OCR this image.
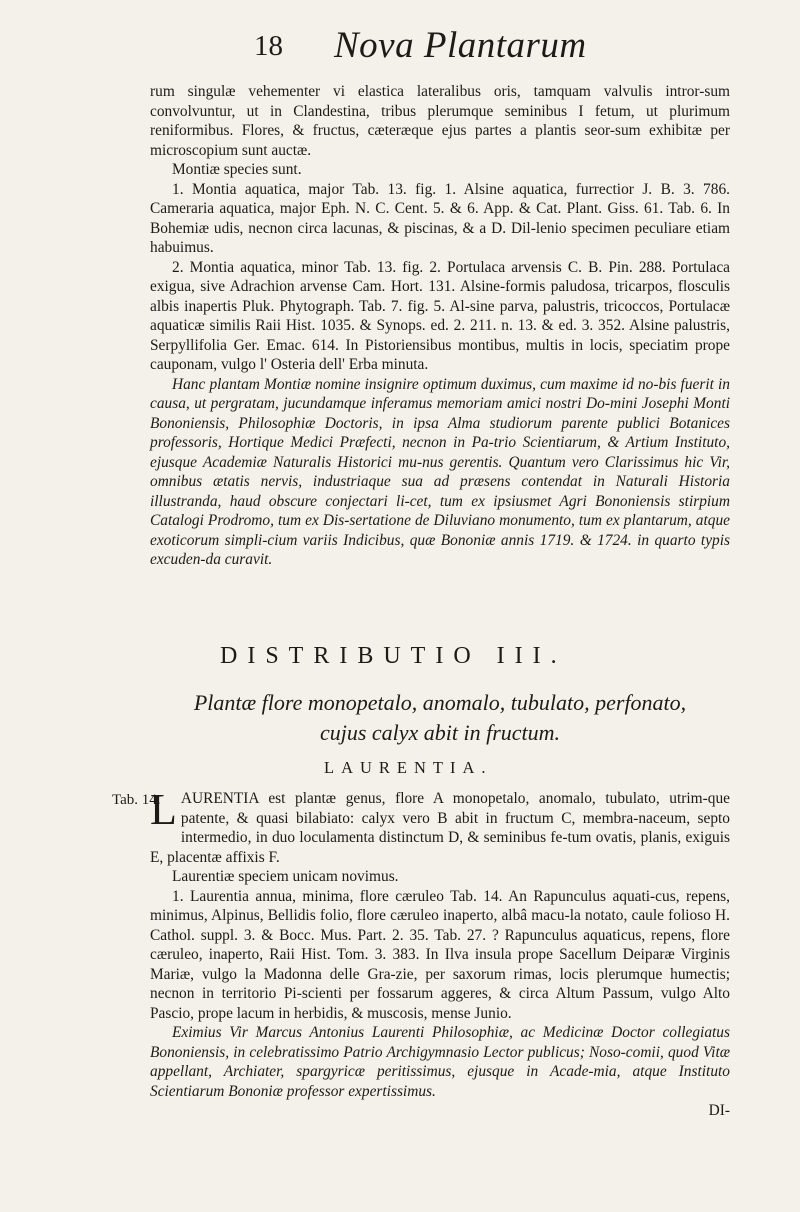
18 Nova Plantarum

rum singulæ vehementer vi elastica lateralibus oris, tamquam valvulis intror-sum convolvuntur, ut in Clandestina, tribus plerumque seminibus I fetum, ut plurimum reniformibus. Flores, & fructus, cæteræque ejus partes a plantis seor-sum exhibitæ per microscopium sunt auctæ.

Montiæ species sunt.

1. Montia aquatica, major Tab. 13. fig. 1. Alsine aquatica, furrectior J. B. 3. 786. Cameraria aquatica, major Eph. N. C. Cent. 5. & 6. App. & Cat. Plant. Giss. 61. Tab. 6. In Bohemiæ udis, necnon circa lacunas, & piscinas, & a D. Dil-lenio specimen peculiare etiam habuimus.

2. Montia aquatica, minor Tab. 13. fig. 2. Portulaca arvensis C. B. Pin. 288. Portulaca exigua, sive Adrachion arvense Cam. Hort. 131. Alsine-formis paludosa, tricarpos, flosculis albis inapertis Pluk. Phytograph. Tab. 7. fig. 5. Al-sine parva, palustris, tricoccos, Portulacæ aquaticæ similis Raii Hist. 1035. & Synops. ed. 2. 211. n. 13. & ed. 3. 352. Alsine palustris, Serpyllifolia Ger. Emac. 614. In Pistoriensibus montibus, multis in locis, speciatim prope cauponam, vulgo l' Osteria dell' Erba minuta.

Hanc plantam Montiæ nomine insignire optimum duximus, cum maxime id no-bis fuerit in causa, ut pergratam, jucundamque inferamus memoriam amici nostri Do-mini Josephi Monti Bononiensis, Philosophiæ Doctoris, in ipsa Alma studiorum parente publici Botanices professoris, Hortique Medici Præfecti, necnon in Pa-trio Scientiarum, & Artium Instituto, ejusque Academiæ Naturalis Historici mu-nus gerentis. Quantum vero Clarissimus hic Vir, omnibus ætatis nervis, industriaque sua ad præsens contendat in Naturali Historia illustranda, haud obscure conjectari li-cet, tum ex ipsiusmet Agri Bononiensis stirpium Catalogi Prodromo, tum ex Dis-sertatione de Diluviano monumento, tum ex plantarum, atque exoticorum simpli-cium variis Indicibus, quæ Bononiæ annis 1719. & 1724. in quarto typis excuden-da curavit.

DISTRIBUTIO III.
Plantæ flore monopetalo, anomalo, tubulato, perfonato,
cujus calyx abit in fructum.
LAURENTIA.
Tab. 14.

LAURENTIA est plantæ genus, flore A monopetalo, anomalo, tubulato, utrim-que patente, & quasi bilabiato: calyx vero B abit in fructum C, membra-naceum, septo intermedio, in duo loculamenta distinctum D, & seminibus fe-tum ovatis, planis, exiguis E, placentæ affixis F.

Laurentiæ speciem unicam novimus.

1. Laurentia annua, minima, flore cæruleo Tab. 14. An Rapunculus aquati-cus, repens, minimus, Alpinus, Bellidis folio, flore cæruleo inaperto, albâ macu-la notato, caule folioso H. Cathol. suppl. 3. & Bocc. Mus. Part. 2. 35. Tab. 27. ? Rapunculus aquaticus, repens, flore cæruleo, inaperto, Raii Hist. Tom. 3. 383. In Ilva insula prope Sacellum Deiparæ Virginis Mariæ, vulgo la Madonna delle Gra-zie, per saxorum rimas, locis plerumque humectis; necnon in territorio Pi-scienti per fossarum aggeres, & circa Altum Passum, vulgo Alto Pascio, prope lacum in herbidis, & muscosis, mense Junio.

Eximius Vir Marcus Antonius Laurenti Philosophiæ, ac Medicinæ Doctor collegiatus Bononiensis, in celebratissimo Patrio Archigymnasio Lector publicus; Noso-comii, quod Vitæ appellant, Archiater, spargyricæ peritissimus, ejusque in Acade-mia, atque Instituto Scientiarum Bononiæ professor expertissimus.

DI-
